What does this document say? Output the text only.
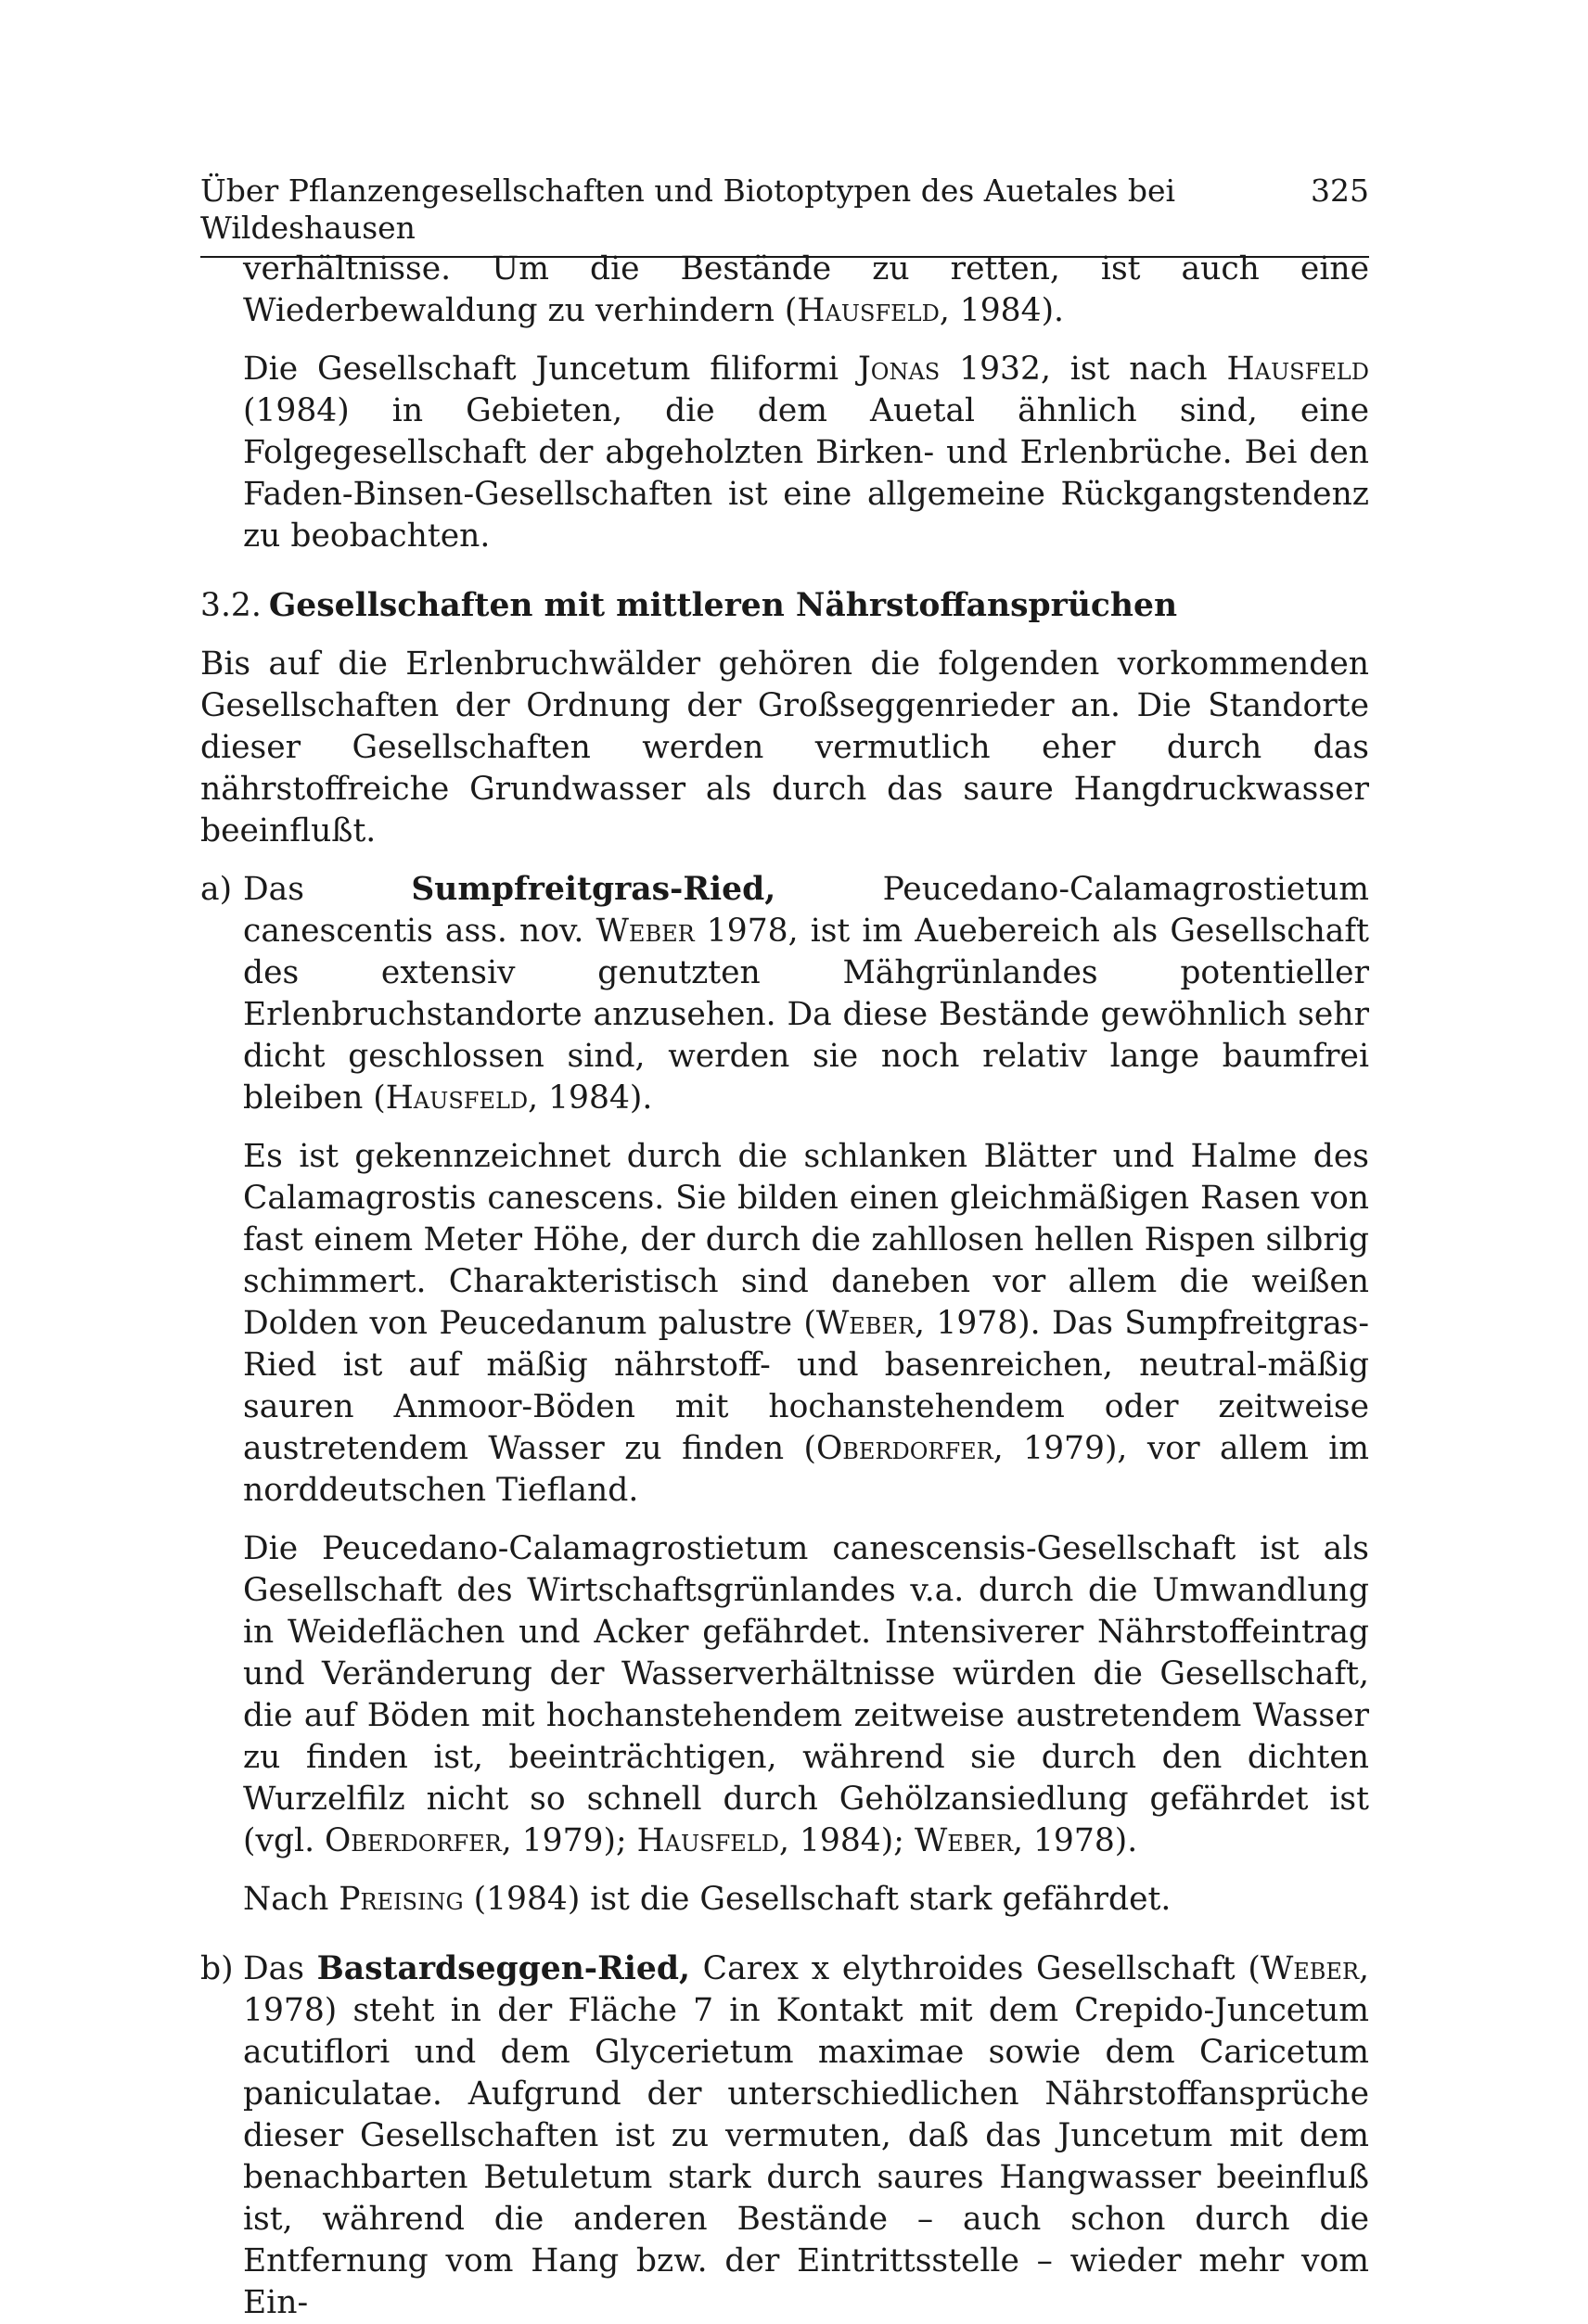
Über Pflanzengesellschaften und Biotoptypen des Auetales bei Wildeshausen
325

verhältnisse. Um die Bestände zu retten, ist auch eine Wiederbewaldung zu verhindern (Hausfeld, 1984).

Die Gesellschaft Juncetum filiformi Jonas 1932, ist nach Hausfeld (1984) in Gebieten, die dem Auetal ähnlich sind, eine Folgegesellschaft der abgeholzten Birken- und Erlenbrüche. Bei den Faden-Binsen-Gesellschaften ist eine allgemeine Rückgangstendenz zu beobachten.

3.2. Gesellschaften mit mittleren Nährstoffansprüchen

Bis auf die Erlenbruchwälder gehören die folgenden vorkommenden Gesellschaften der Ordnung der Großseggenrieder an. Die Standorte dieser Gesellschaften werden vermutlich eher durch das nährstoffreiche Grundwasser als durch das saure Hangdruckwasser beeinflußt.

a) Das Sumpfreitgras-Ried, Peucedano-Calamagrostietum canescentis ass. nov. Weber 1978, ist im Auebereich als Gesellschaft des extensiv genutzten Mähgrünlandes potentieller Erlenbruchstandorte anzusehen. Da diese Bestände gewöhnlich sehr dicht geschlossen sind, werden sie noch relativ lange baumfrei bleiben (Hausfeld, 1984).

Es ist gekennzeichnet durch die schlanken Blätter und Halme des Calamagrostis canescens. Sie bilden einen gleichmäßigen Rasen von fast einem Meter Höhe, der durch die zahllosen hellen Rispen silbrig schimmert. Charakteristisch sind daneben vor allem die weißen Dolden von Peucedanum palustre (Weber, 1978). Das Sumpfreitgras-Ried ist auf mäßig nährstoff- und basenreichen, neutral-mäßig sauren Anmoor-Böden mit hochanstehendem oder zeitweise austretendem Wasser zu finden (Oberdorfer, 1979), vor allem im norddeutschen Tiefland.

Die Peucedano-Calamagrostietum canescensis-Gesellschaft ist als Gesellschaft des Wirtschaftsgrünlandes v.a. durch die Umwandlung in Weideflächen und Acker gefährdet. Intensiverer Nährstoffeintrag und Veränderung der Wasserverhältnisse würden die Gesellschaft, die auf Böden mit hochanstehendem zeitweise austretendem Wasser zu finden ist, beeinträchtigen, während sie durch den dichten Wurzelfilz nicht so schnell durch Gehölzansiedlung gefährdet ist (vgl. Oberdorfer, 1979); Hausfeld, 1984); Weber, 1978).

Nach Preising (1984) ist die Gesellschaft stark gefährdet.

b) Das Bastardseggen-Ried, Carex x elythroides Gesellschaft (Weber, 1978) steht in der Fläche 7 in Kontakt mit dem Crepido-Juncetum acutiflori und dem Glycerietum maximae sowie dem Caricetum paniculatae. Aufgrund der unterschiedlichen Nährstoffansprüche dieser Gesellschaften ist zu vermuten, daß das Juncetum mit dem benachbarten Betuletum stark durch saures Hangwasser beeinfluß ist, während die anderen Bestände – auch schon durch die Entfernung vom Hang bzw. der Eintrittsstelle – wieder mehr vom Ein-
